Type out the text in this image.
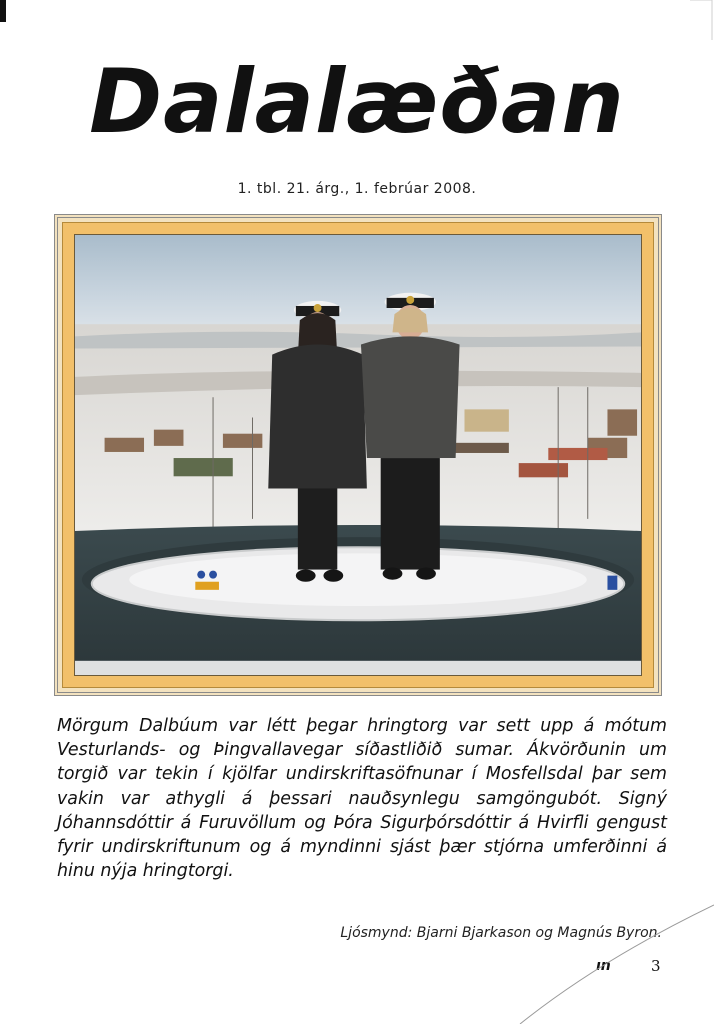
Dalalæðan
1. tbl. 21. árg., 1. febrúar 2008.
Mörgum Dalbúum var létt þegar hringtorg var sett upp á mótum Vesturlands- og Þingvallavegar síðastliðið sumar. Ákvörðunin um torgið var tekin í kjölfar undirskriftasöfnunar í Mosfellsdal þar sem vakin var athygli á þessari nauðsynlegu samgöngubót. Signý Jóhannsdóttir á Furuvöllum og Þóra Sigurþórsdóttir á Hvirfli gengust fyrir undirskriftunum og á myndinni sjást þær stjórna umferðinni á hinu nýja hringtorgi.
Ljósmynd: Bjarni Bjarkason og Magnús Byron.
ın	3
